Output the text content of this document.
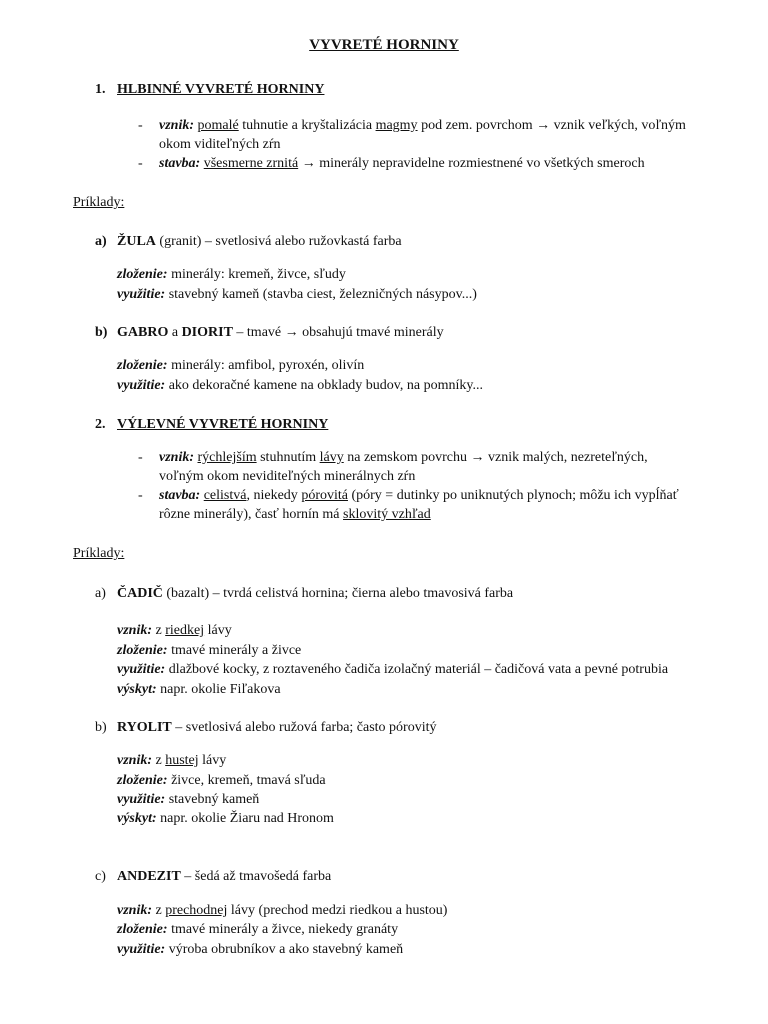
VYVRETÉ HORNINY
1. HLBINNÉ VYVRETÉ HORNINY
- vznik: pomalé tuhnutie a kryštalizácia magmy pod zem. povrchom → vznik veľkých, voľným
okom viditeľných zŕn
- stavba: všesmerne zrnitá → minerály nepravidelne rozmiestnené vo všetkých smeroch
Príklady:
a) ŽULA (granit) – svetlosivá alebo ružovkastá farba
zloženie: minerály: kremeň, živce, sľudy
využitie: stavebný kameň (stavba ciest, železničných násypov...)
b) GABRO a DIORIT – tmavé → obsahujú tmavé minerály
zloženie: minerály: amfibol, pyroxén, olivín
využitie: ako dekoračné kamene na obklady budov, na pomníky...
2. VÝLEVNÉ VYVRETÉ HORNINY
- vznik: rýchlejším stuhnutím lávy na zemskom povrchu → vznik malých, nezreteľných,
voľným okom neviditeľných minerálnych zŕn
- stavba: celistvá, niekedy pórovitá (póry = dutinky po uniknutých plynoch; môžu ich vypĺňať
rôzne minerály), časť hornín má sklovitý vzhľad
Príklady:
a) ČADIČ (bazalt) – tvrdá celistvá hornina; čierna alebo tmavosivá farba
vznik: z riedkej lávy
zloženie: tmavé minerály a živce
využitie: dlažbové kocky, z roztaveného čadiča izolačný materiál – čadičová vata a pevné potrubia
výskyt: napr. okolie Fiľakova
b) RYOLIT – svetlosivá alebo ružová farba; často pórovitý
vznik: z hustej lávy
zloženie: živce, kremeň, tmavá sľuda
využitie: stavebný kameň
výskyt: napr. okolie Žiaru nad Hronom
c) ANDEZIT – šedá až tmavošedá farba
vznik: z prechodnej lávy (prechod medzi riedkou a hustou)
zloženie: tmavé minerály a živce, niekedy granáty
využitie: výroba obrubníkov a ako stavebný kameň
